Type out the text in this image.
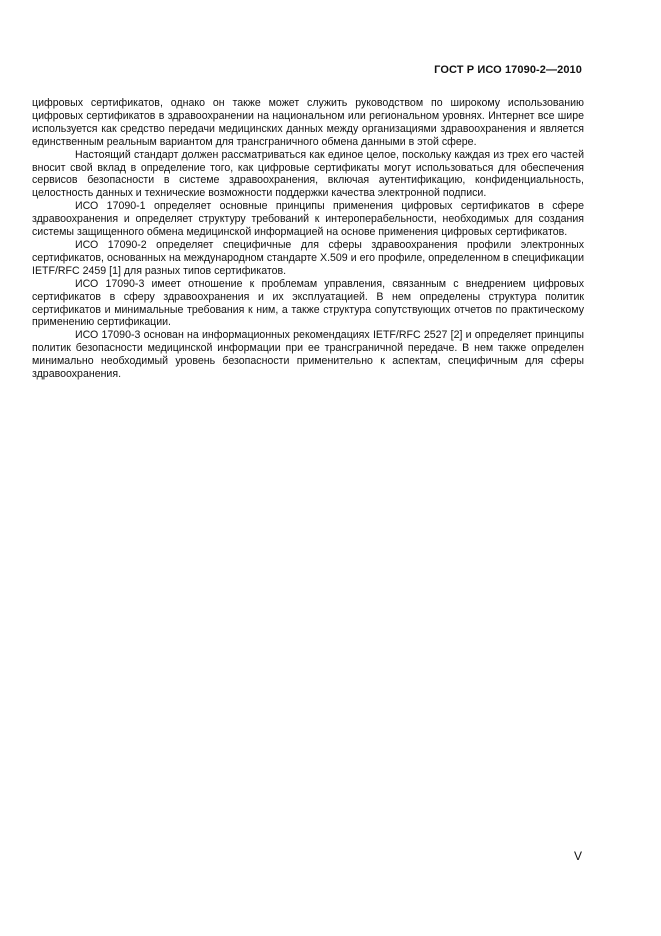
ГОСТ Р ИСО 17090-2—2010

цифровых сертификатов, однако он также может служить руководством по широкому использованию цифровых сертификатов в здравоохранении на национальном или региональном уровнях. Интернет все шире используется как средство передачи медицинских данных между организациями здравоохранения и является единственным реальным вариантом для трансграничного обмена данными в этой сфере.

Настоящий стандарт должен рассматриваться как единое целое, поскольку каждая из трех его частей вносит свой вклад в определение того, как цифровые сертификаты могут использоваться для обеспечения сервисов безопасности в системе здравоохранения, включая аутентификацию, конфиденциальность, целостность данных и технические возможности поддержки качества электронной подписи.

ИСО 17090-1 определяет основные принципы применения цифровых сертификатов в сфере здравоохранения и определяет структуру требований к интероперабельности, необходимых для создания системы защищенного обмена медицинской информацией на основе применения цифровых сертификатов.

ИСО 17090-2 определяет специфичные для сферы здравоохранения профили электронных сертификатов, основанных на международном стандарте X.509 и его профиле, определенном в спецификации IETF/RFC 2459 [1] для разных типов сертификатов.

ИСО 17090-3 имеет отношение к проблемам управления, связанным с внедрением цифровых сертификатов в сферу здравоохранения и их эксплуатацией. В нем определены структура политик сертификатов и минимальные требования к ним, а также структура сопутствующих отчетов по практическому применению сертификации.

ИСО 17090-3 основан на информационных рекомендациях IETF/RFC 2527 [2] и определяет принципы политик безопасности медицинской информации при ее трансграничной передаче. В нем также определен минимально необходимый уровень безопасности применительно к аспектам, специфичным для сферы здравоохранения.

V
